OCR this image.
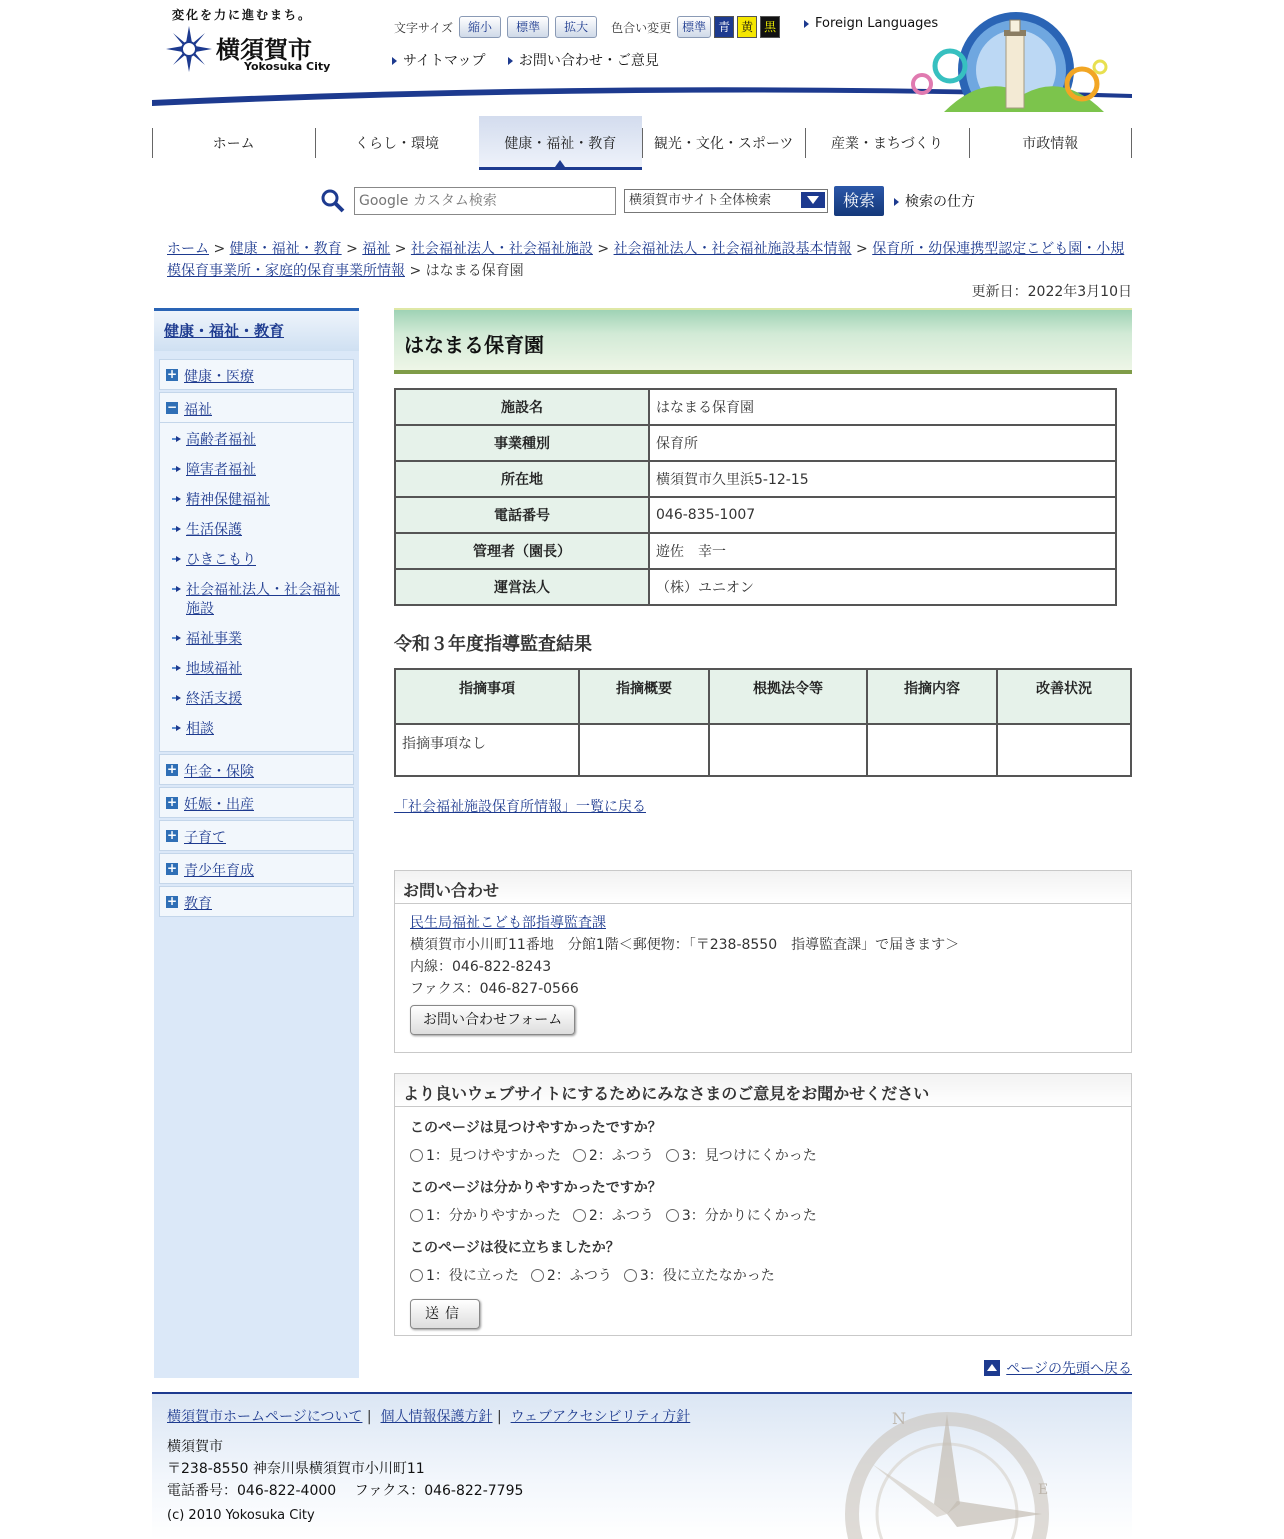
変化を力に進むまち。
横須賀市
Yokosuka City
文字サイズ	縮小	標準	拡大	色合い変更 標準 青 黄 黒	Foreign Languages
サイトマップ お問い合わせ・ご意見
ホーム	くらし・環境	健康・福祉・教育	観光・文化・スポーツ	産業・まちづくり	市政情報
Google カスタム検索
横須賀市サイト全体検索	検索	検索の仕方
ホーム > 健康・福祉・教育 > 福祉 > 社会福祉法人・社会福祉施設 > 社会福祉法人・社会福祉施設基本情報 > 保育所・幼保連携型認定こども園・小規模保育事業所・家庭的保育事業所情報 > はなまる保育園
更新日：2022年3月10日
健康・福祉・教育
+ 健康・医療
− 福祉
高齢者福祉
障害者福祉
精神保健福祉
生活保護
ひきこもり
社会福祉法人・社会福祉施設
福祉事業
地域福祉
終活支援
相談
+ 年金・保険
+ 妊娠・出産
+ 子育て
+ 青少年育成
+ 教育
はなまる保育園
施設名	はなまる保育園
事業種別	保育所
所在地	横須賀市久里浜5-12-15
電話番号	046-835-1007
管理者（園長）	遊佐　幸一
運営法人	（株）ユニオン
令和３年度指導監査結果
指摘事項	指摘概要	根拠法令等	指摘内容	改善状況
指摘事項なし				
「社会福祉施設保育所情報」一覧に戻る
お問い合わせ
民生局福祉こども部指導監査課
横須賀市小川町11番地　分館1階＜郵便物：「〒238-8550　指導監査課」で届きます＞
内線：046-822-8243
ファクス：046-827-0566
お問い合わせフォーム
より良いウェブサイトにするためにみなさまのご意見をお聞かせください
このページは見つけやすかったですか？
1：見つけやすかった 2：ふつう 3：見つけにくかった
このページは分かりやすかったですか？
1：分かりやすかった 2：ふつう 3：分かりにくかった
このページは役に立ちましたか？
1：役に立った 2：ふつう 3：役に立たなかった
送信
ページの先頭へ戻る
N
E
横須賀市ホームページについて |  個人情報保護方針 |  ウェブアクセシビリティ方針
横須賀市
〒238-8550 神奈川県横須賀市小川町11
電話番号：046-822-4000　 ファクス：046-822-7795
(c) 2010 Yokosuka City
